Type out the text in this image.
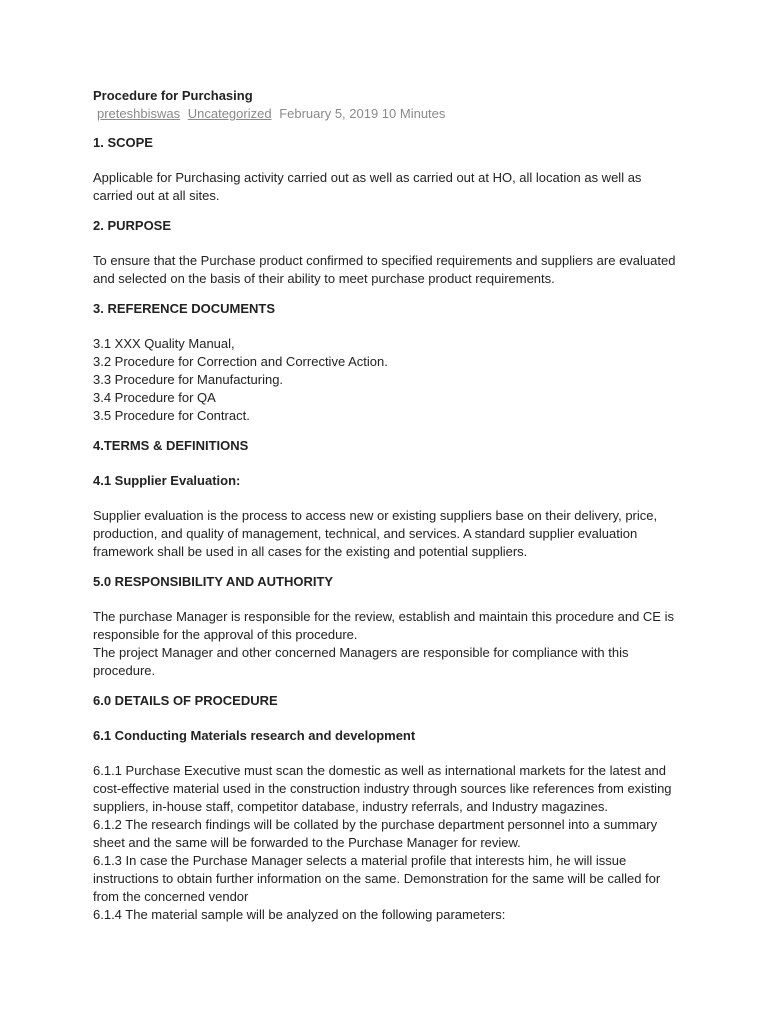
Procedure for Purchasing
preteshbiswas Uncategorized February 5, 2019 10 Minutes
1. SCOPE

Applicable for Purchasing activity carried out as well as carried out at HO, all location as well as carried out at all sites.

2. PURPOSE

To ensure that the Purchase product confirmed to specified requirements and suppliers are evaluated and selected on the basis of their ability to meet purchase product requirements.

3. REFERENCE DOCUMENTS
3.1 XXX Quality Manual,
3.2 Procedure for Correction and Corrective Action.
3.3 Procedure for Manufacturing.
3.4 Procedure for QA
3.5 Procedure for Contract.
4.TERMS & DEFINITIONS
4.1 Supplier Evaluation:

Supplier evaluation is the process to access new or existing suppliers base on their delivery, price, production, and quality of management, technical, and services. A standard supplier evaluation framework shall be used in all cases for the existing and potential suppliers.

5.0 RESPONSIBILITY AND AUTHORITY
The purchase Manager is responsible for the review, establish and maintain this procedure and CE is responsible for the approval of this procedure.
The project Manager and other concerned Managers are responsible for compliance with this procedure.
6.0 DETAILS OF PROCEDURE
6.1 Conducting Materials research and development
6.1.1 Purchase Executive must scan the domestic as well as international markets for the latest and cost-effective material used in the construction industry through sources like references from existing suppliers, in-house staff, competitor database, industry referrals, and Industry magazines.
6.1.2 The research findings will be collated by the purchase department personnel into a summary sheet and the same will be forwarded to the Purchase Manager for review.
6.1.3 In case the Purchase Manager selects a material profile that interests him, he will issue instructions to obtain further information on the same. Demonstration for the same will be called for from the concerned vendor
6.1.4 The material sample will be analyzed on the following parameters:
